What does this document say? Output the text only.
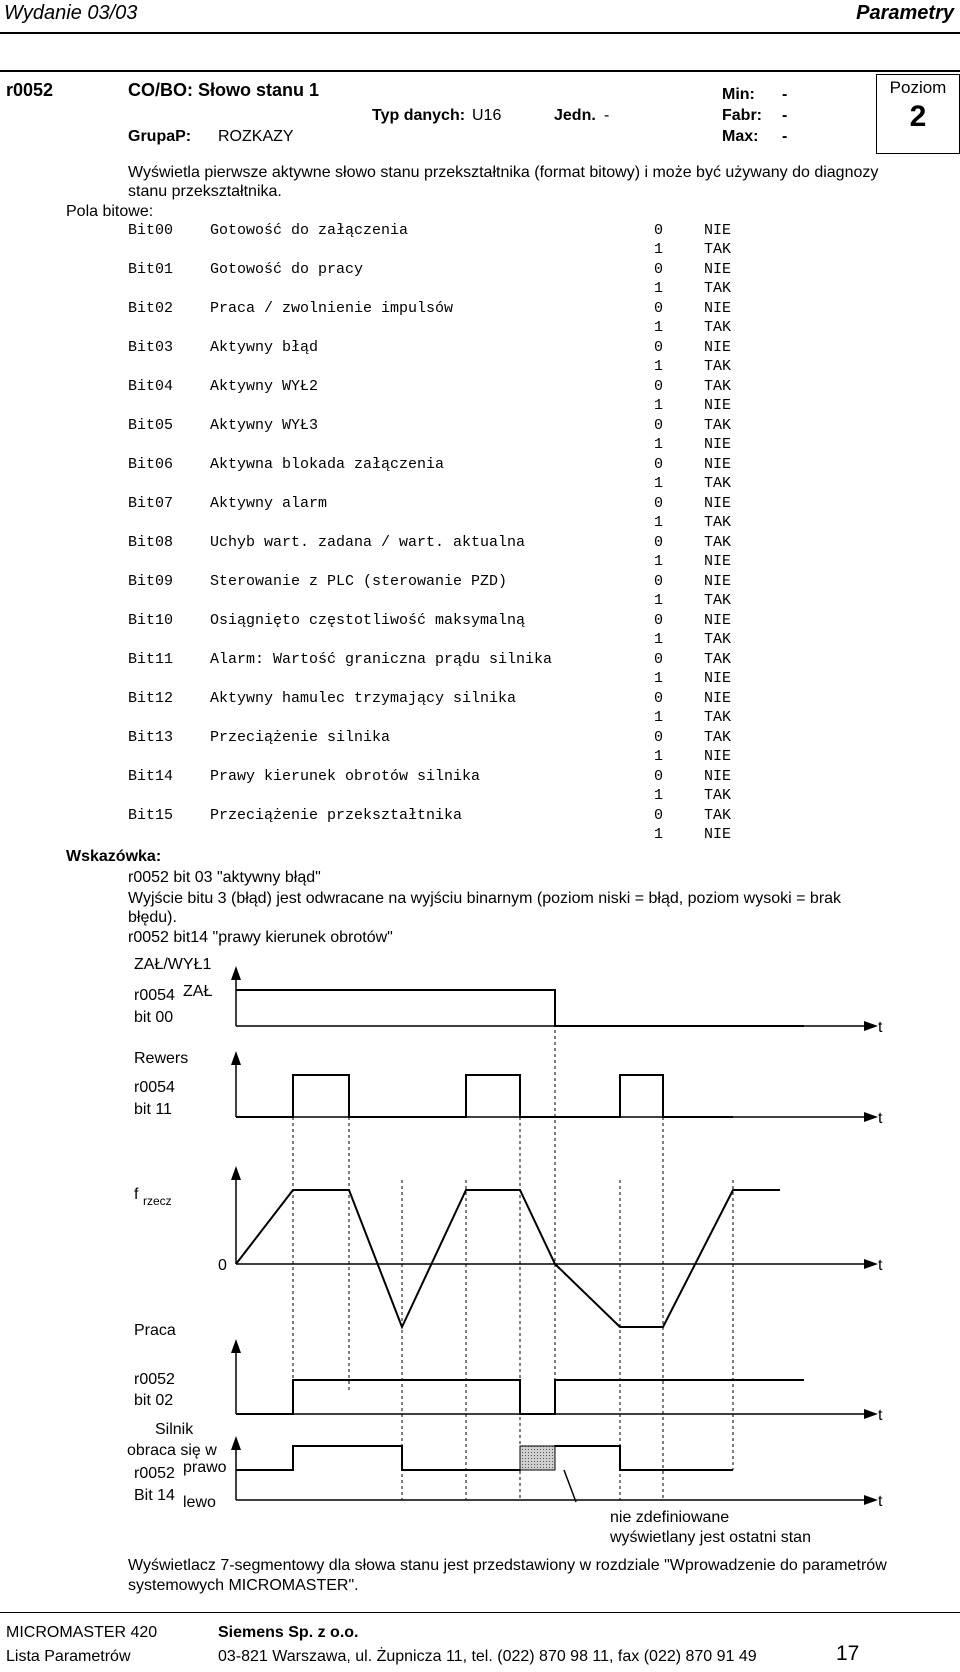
Wydanie 03/03	Parametry
r0052	CO/BO: Słowo stanu 1	Min: -
Typ danych: U16	Jedn. -	Fabr: -
GrupaP: ROZKAZY	Max: -
Poziom
2
Wyświetla pierwsze aktywne słowo stanu przekształtnika (format bitowy) i może być używany do diagnozy
stanu przekształtnika.
Pola bitowe:
Bit00 Gotowość do załączenia	0	NIE
1	TAK
Bit01 Gotowość do pracy	0	NIE
1	TAK
Bit02 Praca / zwolnienie impulsów	0	NIE
1	TAK
Bit03 Aktywny błąd	0	NIE
1	TAK
Bit04 Aktywny WYŁ2	0	TAK
1	NIE
Bit05 Aktywny WYŁ3	0	TAK
1	NIE
Bit06 Aktywna blokada załączenia	0	NIE
1	TAK
Bit07 Aktywny alarm	0	NIE
1	TAK
Bit08 Uchyb wart. zadana / wart. aktualna	0	TAK
1	NIE
Bit09 Sterowanie z PLC (sterowanie PZD)	0	NIE
1	TAK
Bit10 Osiągnięto częstotliwość maksymalną	0	NIE
1	TAK
Bit11 Alarm: Wartość graniczna prądu silnika	0	TAK
1	NIE
Bit12 Aktywny hamulec trzymający silnika	0	NIE
1	TAK
Bit13 Przeciążenie silnika	0	TAK
1	NIE
Bit14 Prawy kierunek obrotów silnika	0	NIE
1	TAK
Bit15 Przeciążenie przekształtnika	0	TAK
1	NIE
Wskazówka:
r0052 bit 03 "aktywny błąd"
Wyjście bitu 3 (błąd) jest odwracane na wyjściu binarnym (poziom niski = błąd, poziom wysoki = brak
błędu).
r0052 bit14 "prawy kierunek obrotów"
ZAŁ/WYŁ1
r0054
bit 00
ZAŁ
Rewers
r0054
bit 11
f rzecz
0
Praca
r0052
bit 02
Silnik
obraca się w
r0052 prawo
Bit 14 lewo
t
t
t
t
t
nie zdefiniowane
wyświetlany jest ostatni stan
Wyświetlacz 7-segmentowy dla słowa stanu jest przedstawiony w rozdziale "Wprowadzenie do parametrów
systemowych MICROMASTER".
MICROMASTER 420	Siemens Sp. z o.o.
Lista Parametrów	03-821 Warszawa, ul. Żupnicza 11, tel. (022) 870 98 11, fax (022) 870 91 49	17
